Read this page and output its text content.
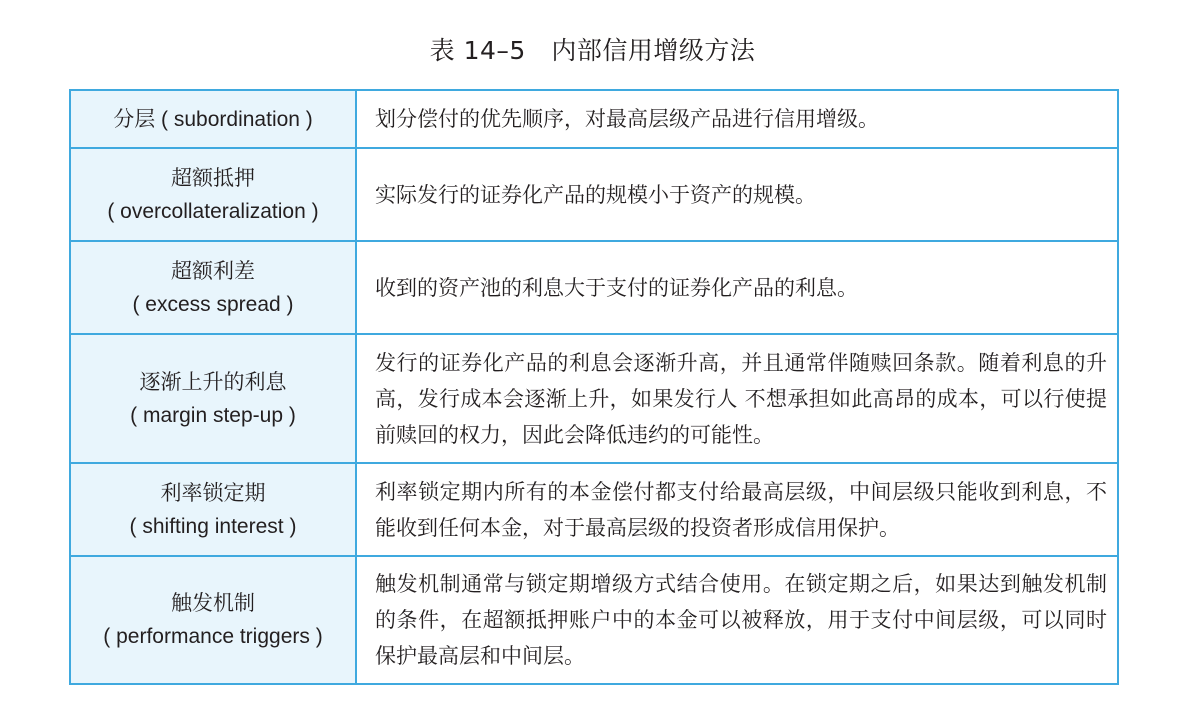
表 14–5　内部信用增级方法
分层 ( subordination )	划分偿付的优先顺序，对最高层级产品进行信用增级。

超额抵押
( overcollateralization )	实际发行的证券化产品的规模小于资产的规模。

超额利差
( excess spread )	收到的资产池的利息大于支付的证券化产品的利息。

逐渐上升的利息
( margin step-up )	发行的证券化产品的利息会逐渐升高，并且通常伴随赎回条款。随着利息的升高，发行成本会逐渐上升，如果发行人 不想承担如此高昂的成本，可以行使提前赎回的权力，因此会降低违约的可能性。

利率锁定期
( shifting interest )	利率锁定期内所有的本金偿付都支付给最高层级，中间层级只能收到利息，不能收到任何本金，对于最高层级的投资者形成信用保护。

触发机制
( performance triggers )	触发机制通常与锁定期增级方式结合使用。在锁定期之后，如果达到触发机制的条件，在超额抵押账户中的本金可以被释放，用于支付中间层级，可以同时保护最高层和中间层。
